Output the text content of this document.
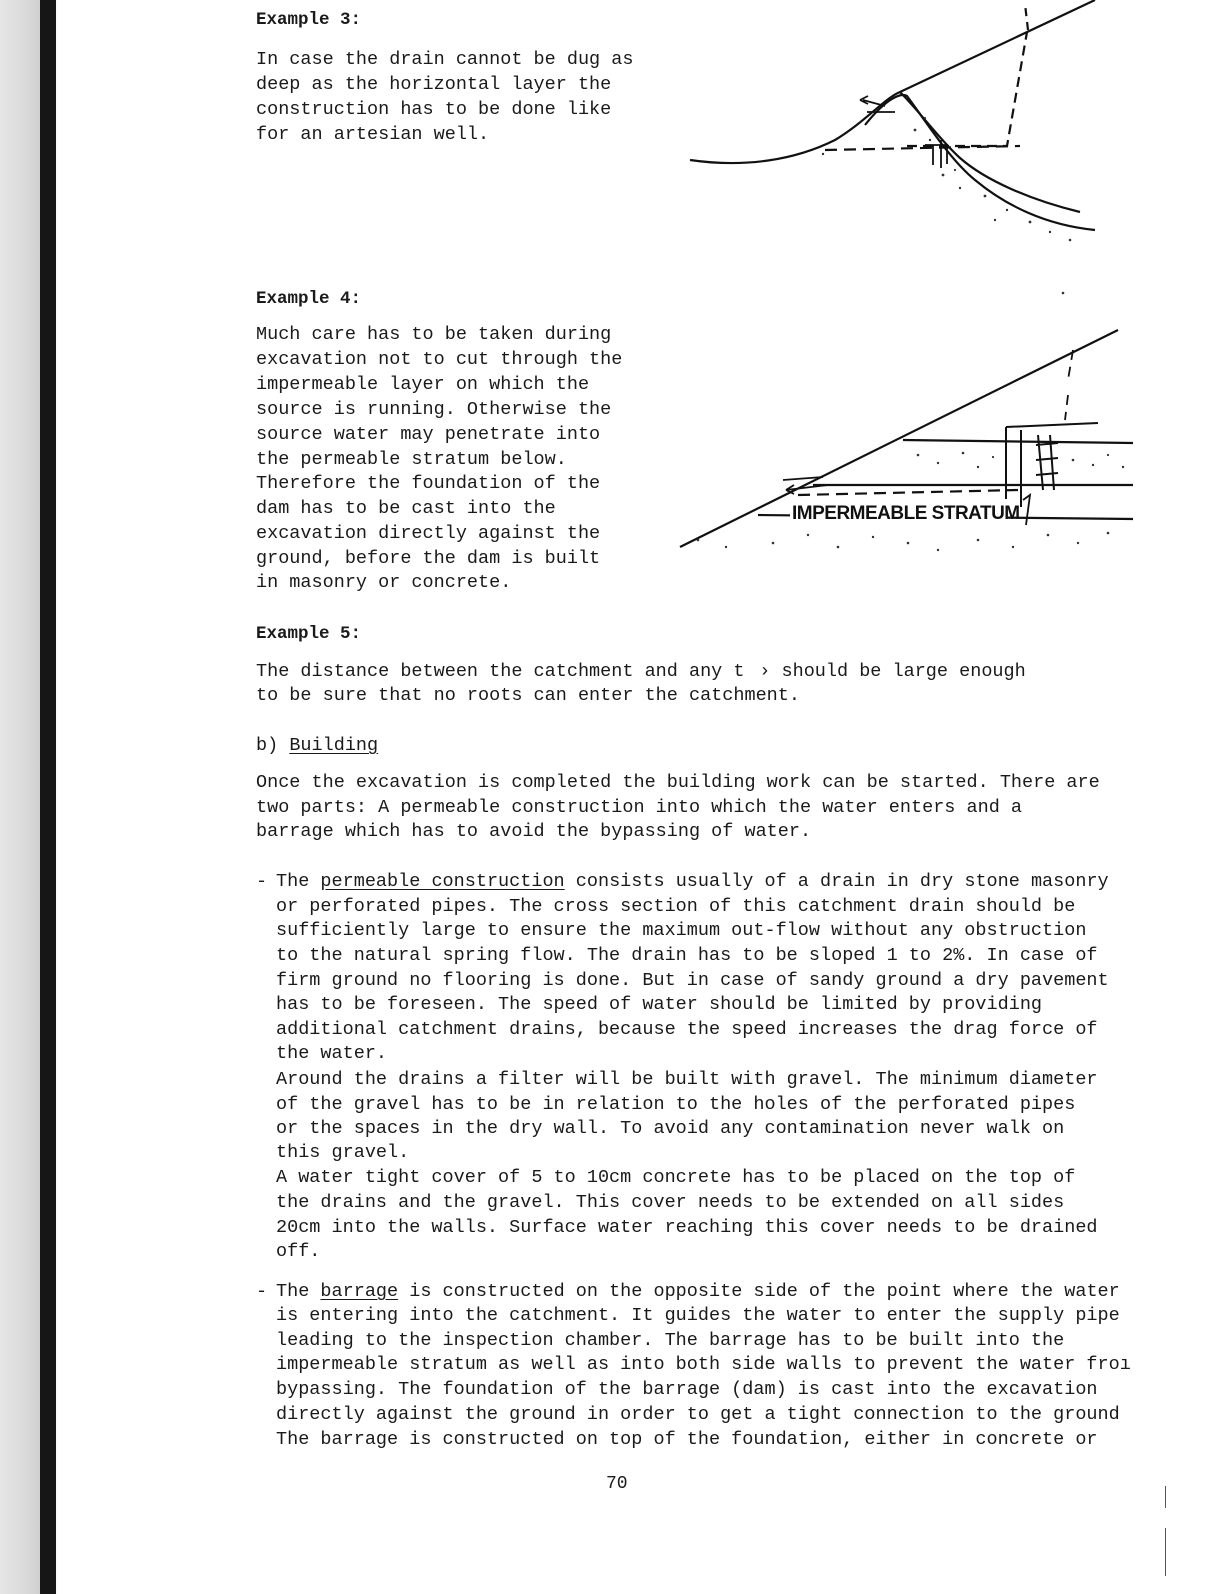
Example 3:

In case the drain cannot be dug as

deep as the horizontal layer the

construction has to be done like

for an artesian well.

Example 4:

Much care has to be taken during

excavation not to cut through the

impermeable layer on which the

source is running. Otherwise the

source water may penetrate into

the permeable stratum below.

Therefore the foundation of the

dam has to be cast into the

excavation directly against the

ground, before the dam is built

in masonry or concrete.

IMPERMEABLE STRATUM

Example 5:

The distance between the catchment and any t  › should be large enough

to be sure that no roots can enter the catchment.

b) Building

Once the excavation is completed the building work can be started. There are

two parts: A permeable construction into which the water enters and a

barrage which has to avoid the bypassing of water.

- The permeable construction consists usually of a drain in dry stone masonry

or perforated pipes. The cross section of this catchment drain should be

sufficiently large to ensure the maximum out-flow without any obstruction

to the natural spring flow. The drain has to be sloped 1 to 2%. In case of

firm ground no flooring is done. But in case of sandy ground a dry pavement

has to be foreseen. The speed of water should be limited by providing

additional catchment drains, because the speed increases the drag force of

the water.

Around the drains a filter will be built with gravel. The minimum diameter

of the gravel has to be in relation to the holes of the perforated pipes

or the spaces in the dry wall. To avoid any contamination never walk on

this gravel.

A water tight cover of 5 to 10cm concrete has to be placed on the top of

the drains and the gravel. This cover needs to be extended on all sides

20cm into the walls. Surface water reaching this cover needs to be drained

off.

- The barrage is constructed on the opposite side of the point where the water

is entering into the catchment. It guides the water to enter the supply pipe

leading to the inspection chamber. The barrage has to be built into the

impermeable stratum as well as into both side walls to prevent the water froı

bypassing. The foundation of the barrage (dam) is cast into the excavation

directly against the ground in order to get a tight connection to the ground

The barrage is constructed on top of the foundation, either in concrete or

70
